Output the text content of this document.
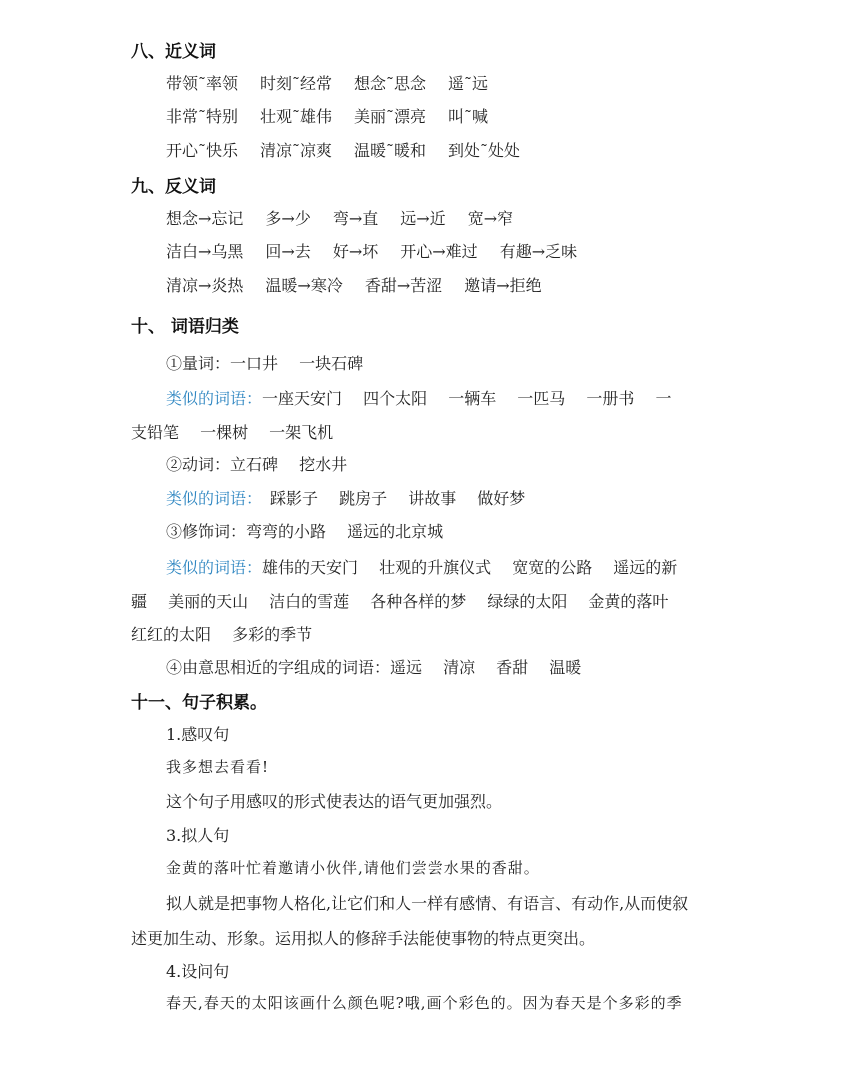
八、近义词
带领˜率领 时刻˜经常 想念˜思念 遥˜远
非常˜特别 壮观˜雄伟 美丽˜漂亮 叫˜喊
开心˜快乐 清凉˜凉爽 温暖˜暖和 到处˜处处
九、反义词
想念→忘记 多→少 弯→直 远→近 宽→窄
洁白→乌黑 回→去 好→坏 开心→难过 有趣→乏味
清凉→炎热 温暖→寒冷 香甜→苦涩 邀请→拒绝
十、 词语归类
①量词：一口井　 一块石碑
类似的词语：一座天安门　 四个太阳　 一辆车　 一匹马　 一册书　 一
支铅笔　 一棵树　 一架飞机
②动词：立石碑　 挖水井
类似的词语：　踩影子　 跳房子　 讲故事　 做好梦
③修饰词：弯弯的小路　 遥远的北京城
类似的词语：雄伟的天安门　 壮观的升旗仪式　 宽宽的公路　 遥远的新
疆　 美丽的天山　 洁白的雪莲　 各种各样的梦　 绿绿的太阳　 金黄的落叶
红红的太阳　 多彩的季节
④由意思相近的字组成的词语：遥远　 清凉　 香甜　 温暖
十一、句子积累。
1.感叹句
我多想去看看!
这个句子用感叹的形式使表达的语气更加强烈。
3.拟人句
金黄的落叶忙着邀请小伙伴,请他们尝尝水果的香甜。
拟人就是把事物人格化,让它们和人一样有感情、有语言、有动作,从而使叙
述更加生动、形象。运用拟人的修辞手法能使事物的特点更突出。
4.设问句
春天,春天的太阳该画什么颜色呢?哦,画个彩色的。因为春天是个多彩的季
